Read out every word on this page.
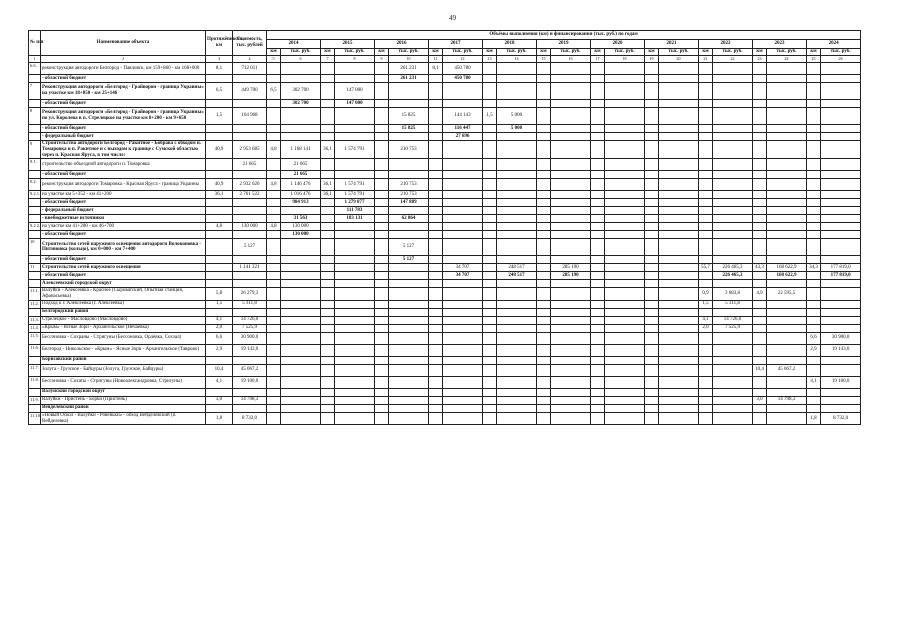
49
№ п/п	Наименование объекта	Протяжённость, км	Стоимость, тыс. рублей	Объёмы выполнения (км) и финансирования (тыс. руб.) по годам																					
				2014		2015		2016		2017		2018		2019		2020		2021		2022		2023		2024	
				км	тыс. руб.	км	тыс. руб.	км	тыс. руб.	км	тыс. руб.	км	тыс. руб.	км	тыс. руб.	км	тыс. руб.	км	тыс. руб.	км	тыс. руб.	км	тыс. руб.	км	тыс. руб.
1	2	3	4	5	6	7	8	9	10	11	12	13	14	15	16	17	18	19	20	21	22	23	24	25	26
6.6.	реконструкция автодороги Белгород - Павловск, км 159+860 - км 168+000	8,1	712 011						261 231	8,1	450 780														
	- областной бюджет								261 231		450 780														
7	Реконструкция автодороги «Белгород - Грайворон - граница Украины» на участке км 18+850 - км 25+146	6,5	449 700	6,5	302 700		147 000																		
	- областной бюджет				302 700		147 000																		
8	Реконструкция автодороги «Белгород - Грайворон - граница Украины» по ул. Королева в п. Стрелецкое на участке км 8+200 - км 9+650	1,5	164 968						15 825		144 143	1,5	5 000												
	- областной бюджет								15 825		116 447		5 000												
	- федеральный бюджет										27 696														
9	Строительство автодороги Белгород - Ракитное - Бобрава с обходом и. Томаровка и п. Ракитное и с выходом к границе с Сумской областью через п. Красная Яруга, в том числе:	40,9	2 953 685	4,8	1 168 141	36,1	1 574 791		210 753																
9.1.	строительство объездной автодороги п. Томаровка		21 665		21 665																				
	- областной бюджет				21 665																				
9.2.	реконструкция автодороги Томаровка - Красная Яруга - граница Украины	40,9	2 932 020	4,8	1 146 476	36,1	1 574 791		210 753																
9.2.1.	на участке км 5+352 - км 41+200	36,1	2 761 522		1 016 476	36,1	1 574 791		210 753																
	- областной бюджет				984 913		1 279 877		147 889																
	- федеральный бюджет						111 783																		
	- внебюджетные источники				31 563		183 131		62 864																
9.2.2.	на участке км 41+200 - км 46+700	4,8	130 000	4,8	130 000																				
	- областной бюджет				130 000																				
10	Строительство сетей наружного освещения автодороги Волоконовка - Питиновка (кольцо), км 0+000 - км 7+400		5 127						5 127																
	- областной бюджет								5 127																
11	Строительство сетей наружного освещения		1 141 321								34 707		248 517		285 190					55,7	226 465,3	43,3	168 622,9	34,3	177 819,0
	- областной бюджет										34 707		248 517		285 190						226 465,3		168 622,9		177 819,0
	Алексеевский городской округ																								
11.1.	Валуйки - Алексеевка - Красное (Сыроватский, Опытная станция, Афанасьевка)	5,8	26 279,3																	0,9	3 683,8	4,9	22 595,5		
11.2.	Подход к г. Алексеевка (г. Алексеевка)	1,5	5 311,8																	1,5	5 311,8				
	Белгородский район																								
11.3.	Стрелецкое - Масловдово (Масловдово)	4,1	14 726,0																	4,1	14 726,0				
11.4.	«Крым» - Ясные Зори - Архангельское (Нечаевка)	2,0	7 525,9																	2,0	7 525,9				
11.5.	Бессоновка - Сохраны - Стригуны (Бессоновка, Орлёвка, Сохзал)	6,6	30 900,0																					6,6	30 900,0
11.6.	Белгород - Никольское - «Крым» - Ясные Зори - Архангельское (Таврово)	2,9	19 143,0																					2,9	19 143,0
	Борисовский район																								
11.7.	Золуга - Грузское - Байцуры (Золуга, Грузское, Байцуры)	10,4	45 067,2																			10,4	45 067,2		
11.8.	Бессоновка - Сохаты - Стригуны (Новоалександровка, Стригуны)	4,1	19 100,0																					4,1	19 100,0
	Валуйский городской округ																								
11.9.	Валуйки - Пристень - Борки (Пристень)	3,0	14 798,3																			3,0	14 798,3		
	Вейделевский район																								
11.10.	«Новый Оскол - Валуйки - Ровеньки» - обход Вейделевский (п. Вейделевка)	1,8	8 732,0																					1,8	8 732,0
